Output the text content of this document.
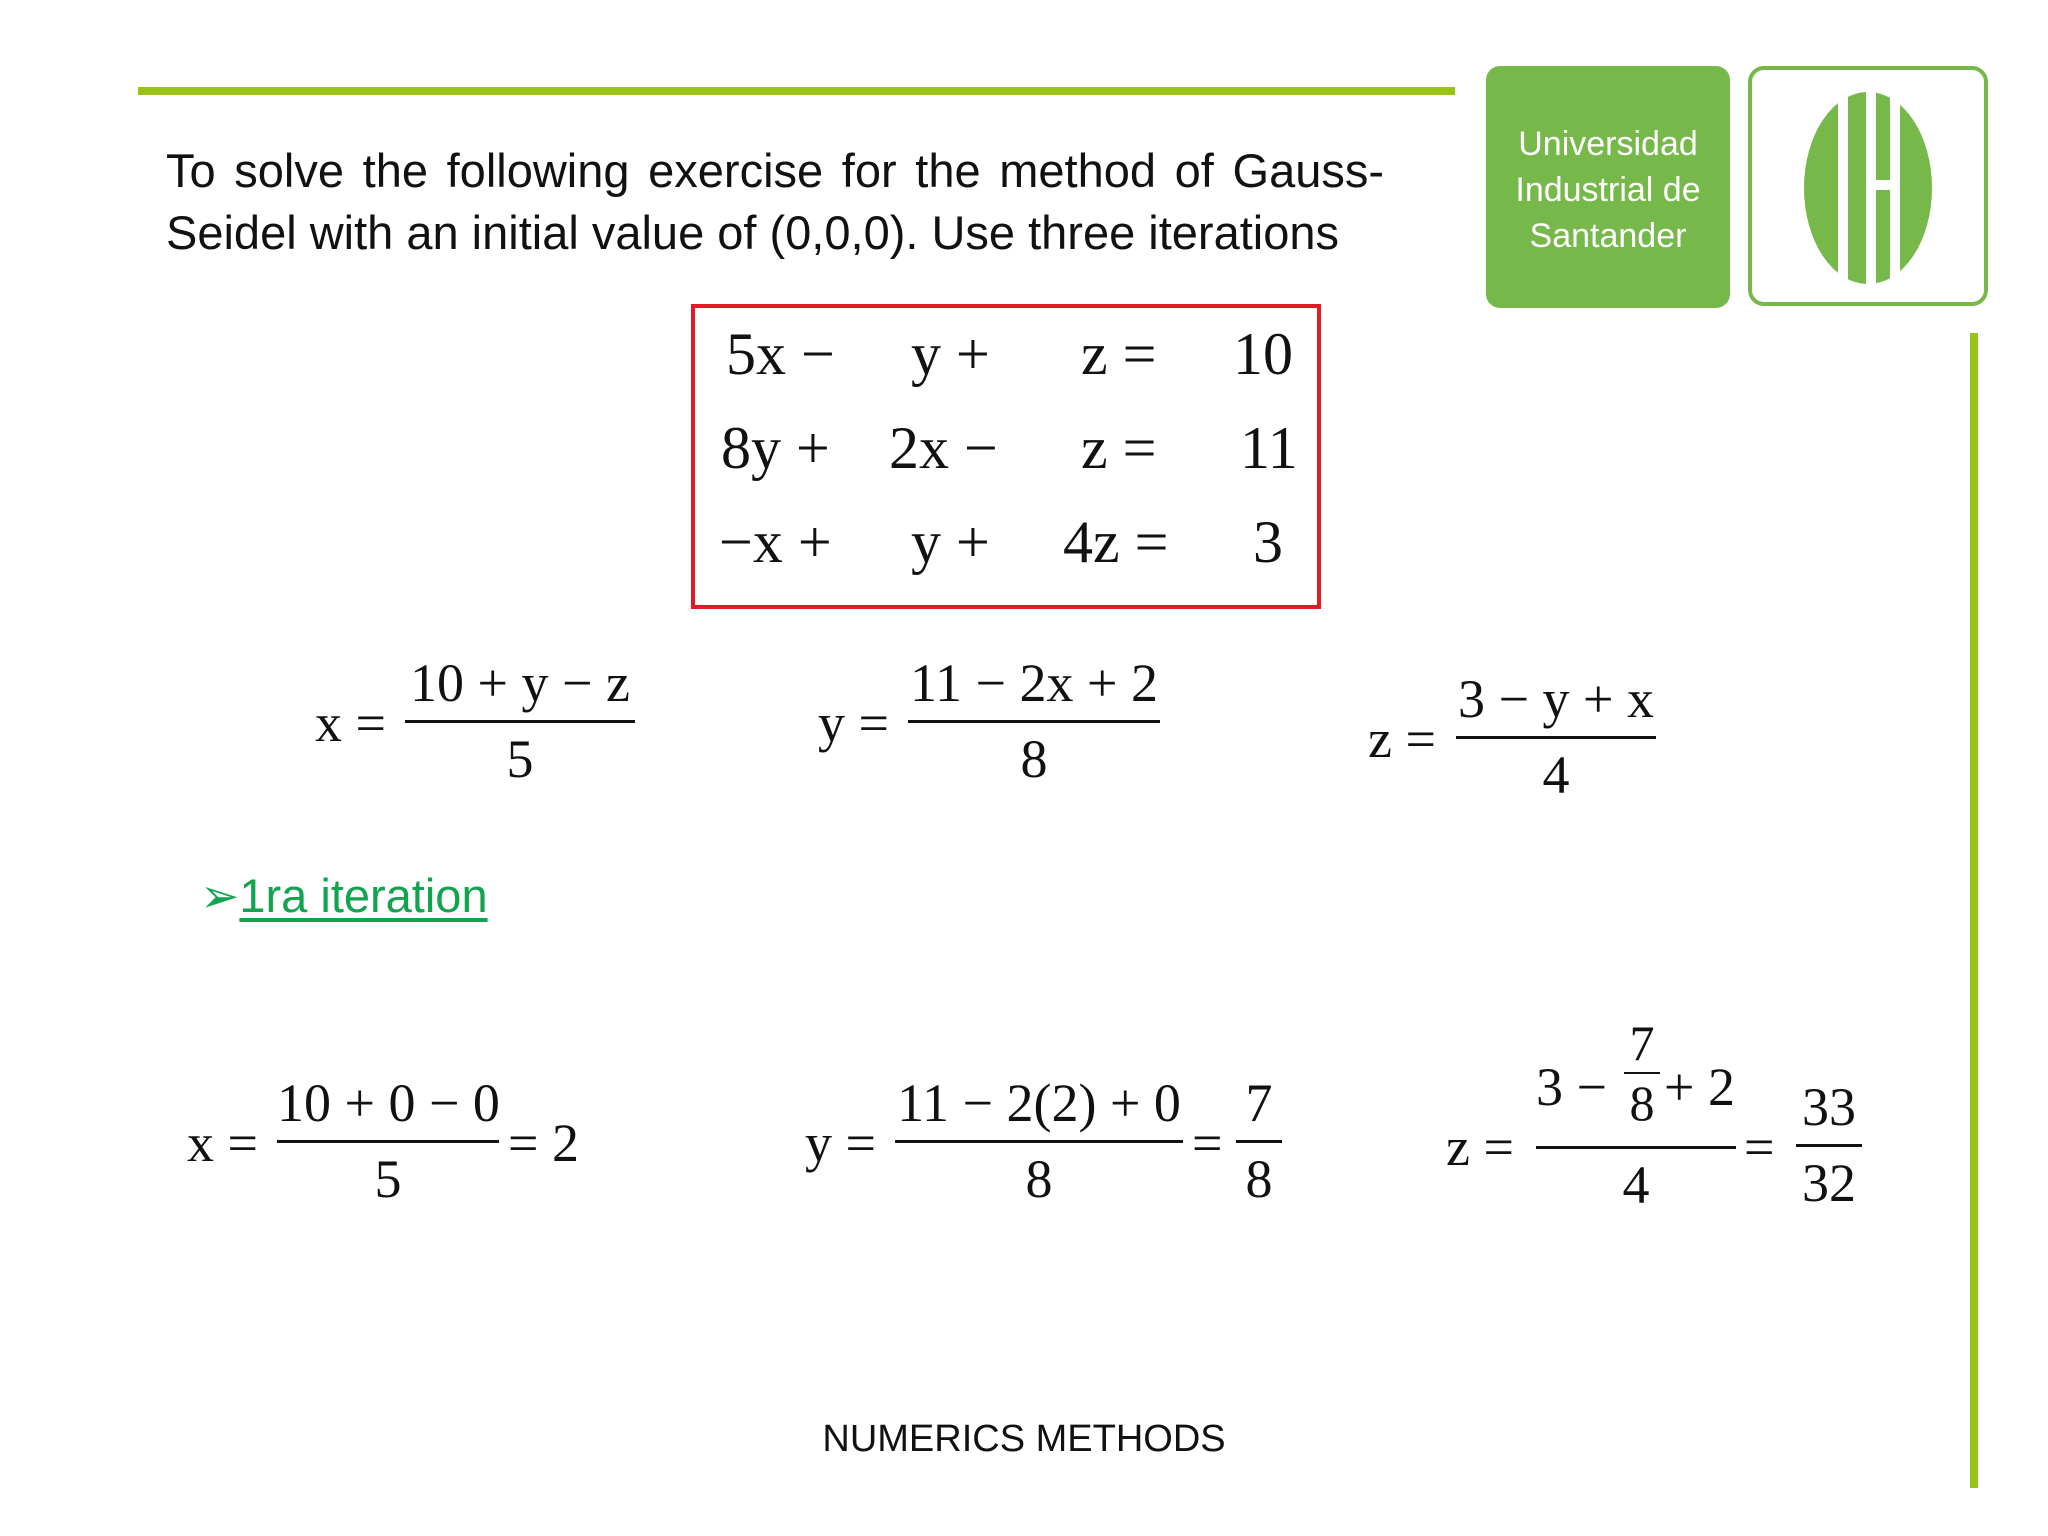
To solve the following exercise for the method of Gauss-Seidel with an initial value of (0,0,0). Use three iterations
Universidad
Industrial de
Santander
5x − y + z = 10
8y + 2x − z = 11
−x + y + 4z = 3
x =
10 + y − z
5
y =
11 − 2x + 2
8	z =
3 − y + x
4
➢1ra iteration
x =
10 + 0 − 0
5
= 2	y =
11 − 2(2) + 0
8
=
7
8
z =
3 −
7
8 + 2
4
=
33
32
NUMERICS METHODS
